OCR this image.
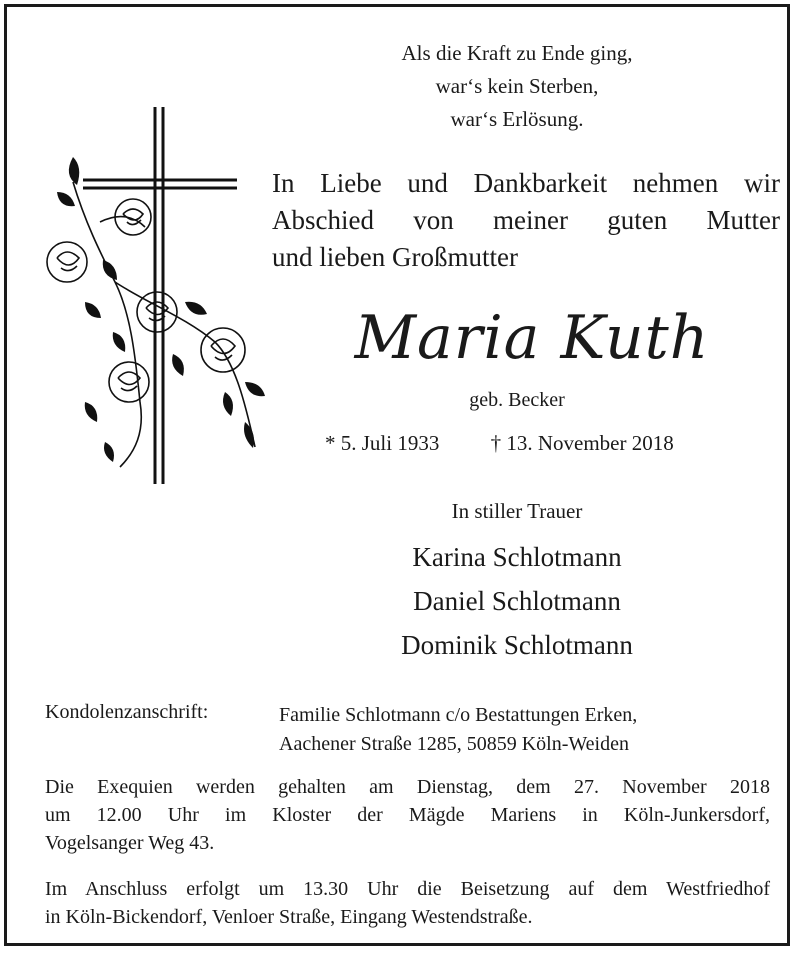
Als die Kraft zu Ende ging,
war‘s kein Sterben,
war‘s Erlösung.
In Liebe und Dankbarkeit nehmen wir
Abschied von meiner guten Mutter
und lieben Großmutter
Maria Kuth
geb. Becker
* 5. Juli 1933 † 13. November 2018
In stiller Trauer
Karina Schlotmann
Daniel Schlotmann
Dominik Schlotmann
Kondolenzanschrift:	Familie Schlotmann c/o Bestattungen Erken,
Aachener Straße 1285, 50859 Köln-Weiden
Die Exequien werden gehalten am Dienstag, dem 27. November 2018
um 12.00 Uhr im Kloster der Mägde Mariens in Köln-Junkersdorf,
Vogelsanger Weg 43.
Im Anschluss erfolgt um 13.30 Uhr die Beisetzung auf dem Westfriedhof
in Köln-Bickendorf, Venloer Straße, Eingang Westendstraße.
